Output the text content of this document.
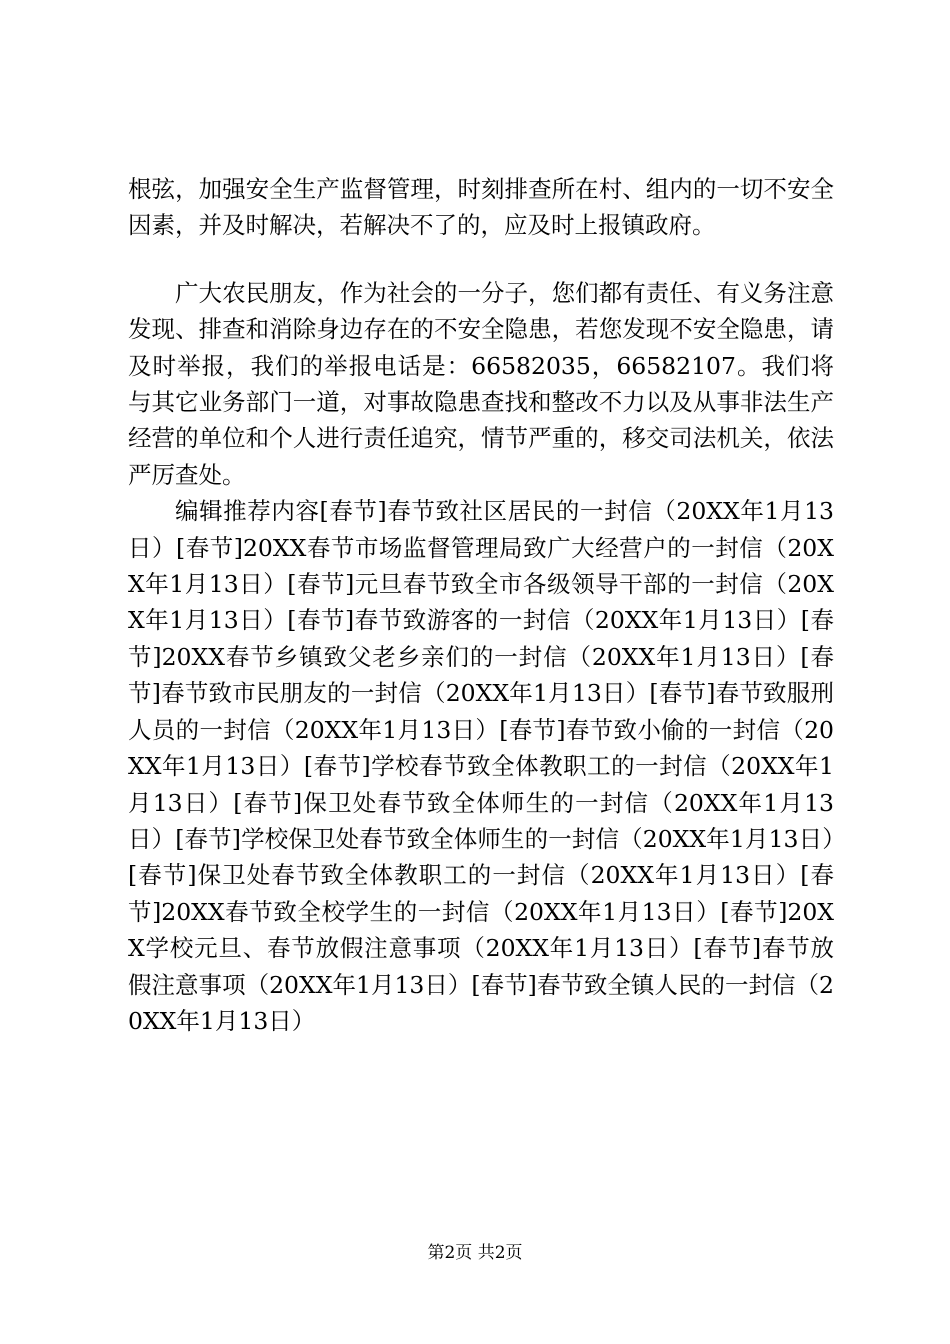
根弦，加强安全生产监督管理，时刻排查所在村、组内的一切不安全因素，并及时解决，若解决不了的，应及时上报镇政府。

广大农民朋友，作为社会的一分子，您们都有责任、有义务注意发现、排查和消除身边存在的不安全隐患，若您发现不安全隐患，请及时举报，我们的举报电话是：66582035，66582107。我们将与其它业务部门一道，对事故隐患查找和整改不力以及从事非法生产经营的单位和个人进行责任追究，情节严重的，移交司法机关，依法严厉查处。

编辑推荐内容[春节]春节致社区居民的一封信（20XX年1月13日）[春节]20XX春节市场监督管理局致广大经营户的一封信（20XX年1月13日）[春节]元旦春节致全市各级领导干部的一封信（20XX年1月13日）[春节]春节致游客的一封信（20XX年1月13日）[春节]20XX春节乡镇致父老乡亲们的一封信（20XX年1月13日）[春节]春节致市民朋友的一封信（20XX年1月13日）[春节]春节致服刑人员的一封信（20XX年1月13日）[春节]春节致小偷的一封信（20XX年1月13日）[春节]学校春节致全体教职工的一封信（20XX年1月13日）[春节]保卫处春节致全体师生的一封信（20XX年1月13日）[春节]学校保卫处春节致全体师生的一封信（20XX年1月13日）[春节]保卫处春节致全体教职工的一封信（20XX年1月13日）[春节]20XX春节致全校学生的一封信（20XX年1月13日）[春节]20XX学校元旦、春节放假注意事项（20XX年1月13日）[春节]春节放假注意事项（20XX年1月13日）[春节]春节致全镇人民的一封信（20XX年1月13日）

第2页 共2页
